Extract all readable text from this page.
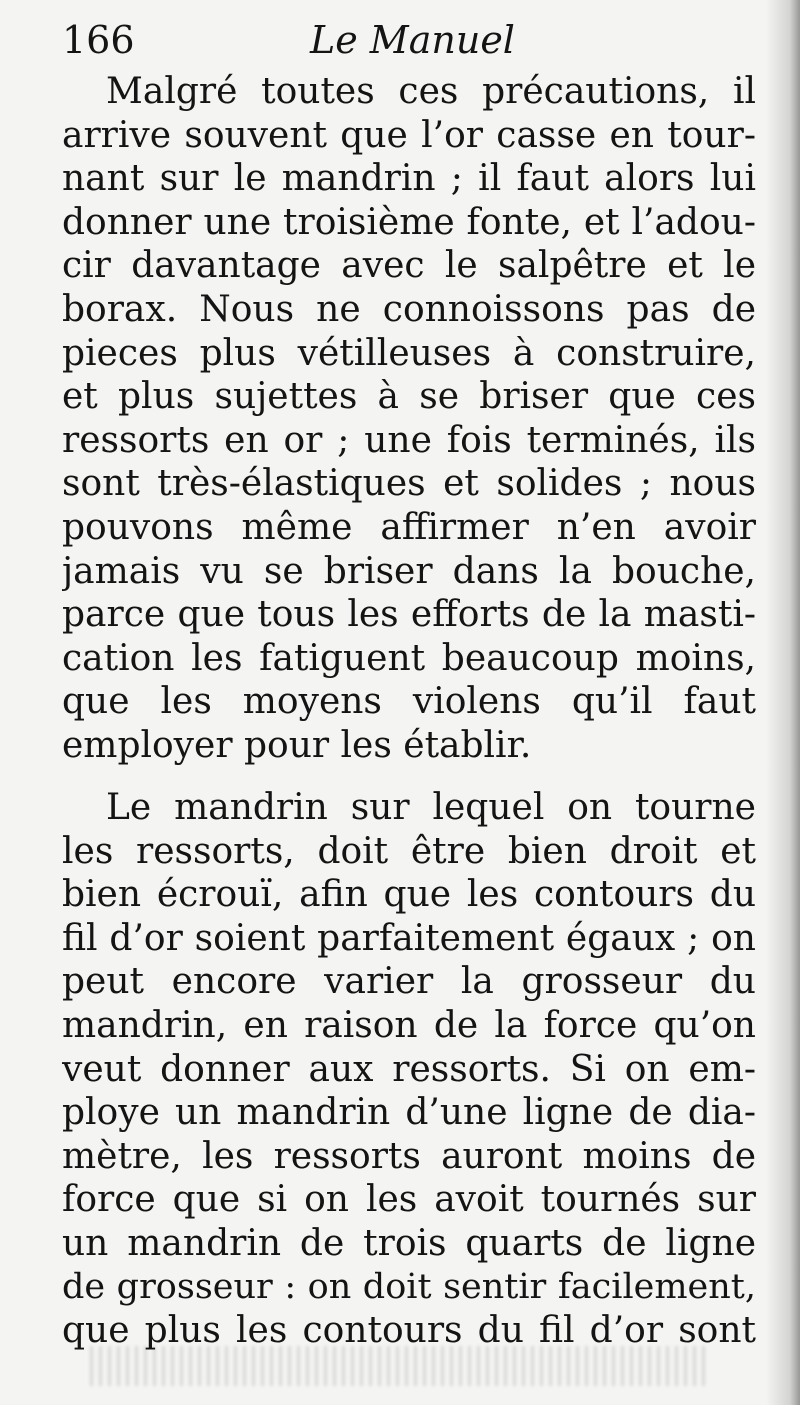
166	Le Manuel
Malgré toutes ces précautions, il
arrive souvent que l’or casse en tour-
nant sur le mandrin ; il faut alors lui
donner une troisième fonte, et l’adou-
cir davantage avec le salpêtre et le
borax. Nous ne connoissons pas de
pieces plus vétilleuses à construire,
et plus sujettes à se briser que ces
ressorts en or ; une fois terminés, ils
sont très-élastiques et solides ; nous
pouvons même affirmer n’en avoir
jamais vu se briser dans la bouche,
parce que tous les efforts de la masti-
cation les fatiguent beaucoup moins,
que les moyens violens qu’il faut
employer pour les établir.
Le mandrin sur lequel on tourne
les ressorts, doit être bien droit et
bien écrouï, afin que les contours du
fil d’or soient parfaitement égaux ; on
peut encore varier la grosseur du
mandrin, en raison de la force qu’on
veut donner aux ressorts. Si on em-
ploye un mandrin d’une ligne de dia-
mètre, les ressorts auront moins de
force que si on les avoit tournés sur
un mandrin de trois quarts de ligne
de grosseur : on doit sentir facilement,
que plus les contours du fil d’or sont
